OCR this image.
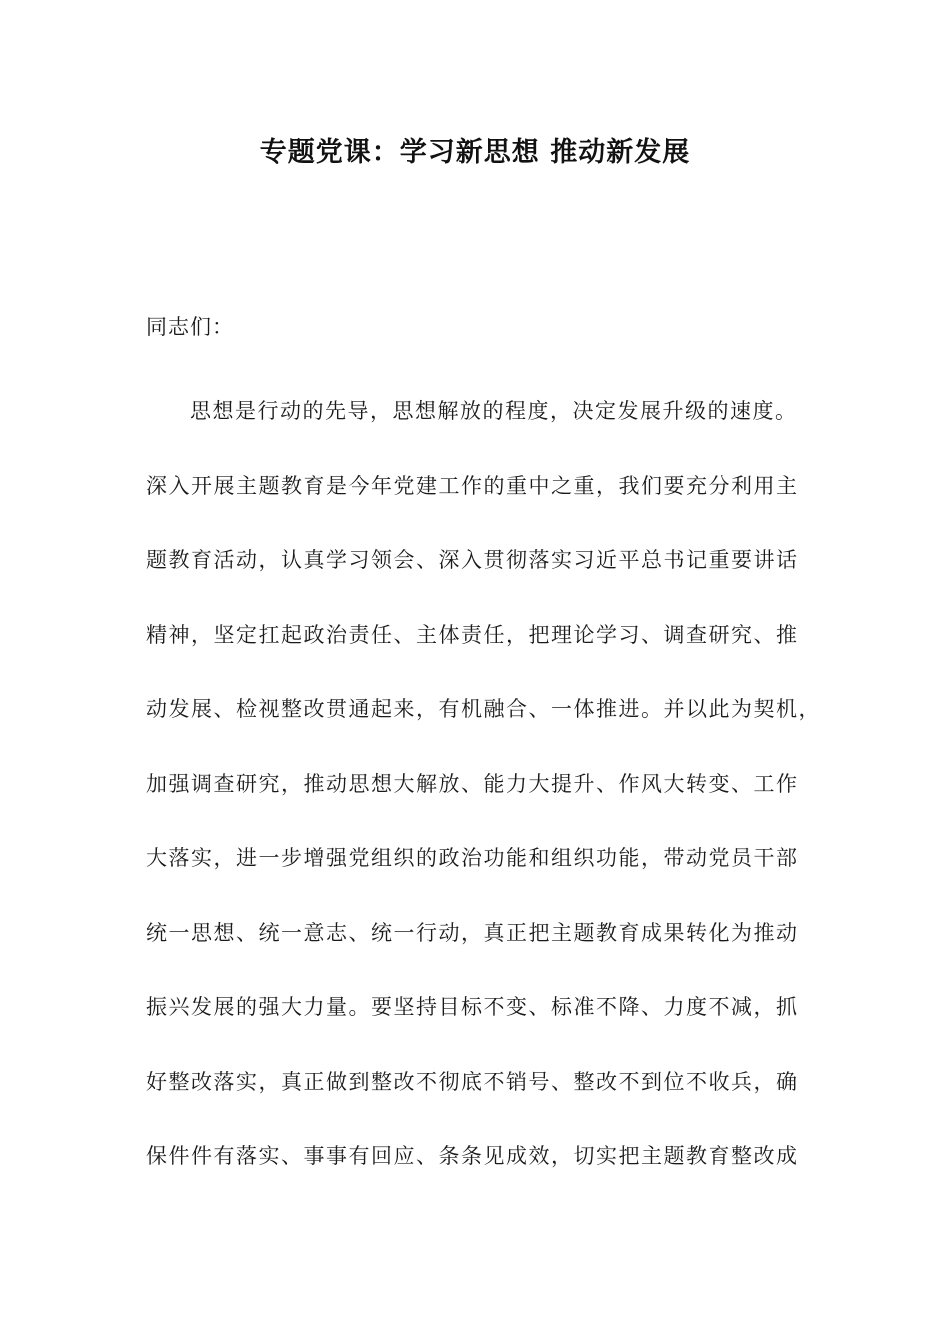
专题党课：学习新思想 推动新发展
同志们：
思想是行动的先导，思想解放的程度，决定发展升级的速度。
深入开展主题教育是今年党建工作的重中之重，我们要充分利用主
题教育活动，认真学习领会、深入贯彻落实习近平总书记重要讲话
精神，坚定扛起政治责任、主体责任，把理论学习、调查研究、推
动发展、检视整改贯通起来，有机融合、一体推进。并以此为契机，
加强调查研究，推动思想大解放、能力大提升、作风大转变、工作
大落实，进一步增强党组织的政治功能和组织功能，带动党员干部
统一思想、统一意志、统一行动，真正把主题教育成果转化为推动
振兴发展的强大力量。要坚持目标不变、标准不降、力度不减，抓
好整改落实，真正做到整改不彻底不销号、整改不到位不收兵，确
保件件有落实、事事有回应、条条见成效，切实把主题教育整改成
